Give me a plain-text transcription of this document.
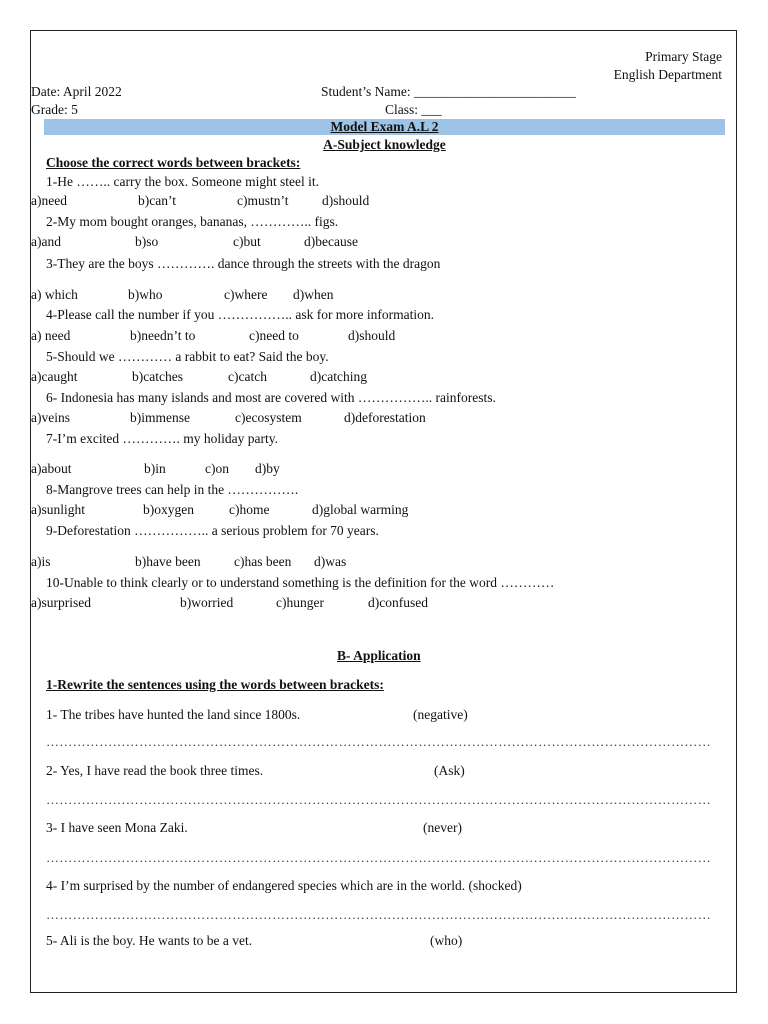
Primary Stage
English Department
Date: April 2022
Grade: 5
Student’s Name: ________________________
Class: ___
Model Exam A.L 2
A-Subject knowledge
Choose the correct words between brackets:
1-He …….. carry the box. Someone might steel it.
a)need	b)can’t	c)mustn’t d)should
2-My mom bought oranges, bananas, ………….. figs.
a)and	b)so	c)but	d)because
3-They are the boys …………. dance through the streets with the dragon
a) which	b)who	c)where d)when
4-Please call the number if you …………….. ask for more information.
a) need	b)needn’t to	c)need to	d)should
5-Should we ………… a rabbit to eat? Said the boy.
a)caught	b)catches	c)catch	d)catching
6- Indonesia has many islands and most are covered with …………….. rainforests.
a)veins	b)immense	c)ecosystem	d)deforestation
7-I’m excited …………. my holiday party.
a)about	b)in	c)on d)by
8-Mangrove trees can help in the …………….
a)sunlight	b)oxygen	c)home	d)global warming
9-Deforestation …………….. a serious problem for 70 years.
a)is	b)have been c)has been d)was
10-Unable to think clearly or to understand something is the definition for the word …………
a)surprised	b)worried	c)hunger	d)confused
B- Application
1-Rewrite the sentences using the words between brackets:
1- The tribes have hunted the land since 1800s.	(negative)
……………………………………………………………………………………………………………………………………
2- Yes, I have read the book three times.	(Ask)
……………………………………………………………………………………………………………………………………
3- I have seen Mona Zaki.	(never)
……………………………………………………………………………………………………………………………………
4- I’m surprised by the number of endangered species which are in the world. (shocked)
……………………………………………………………………………………………………………………………………
5- Ali is the boy. He wants to be a vet.	(who)
